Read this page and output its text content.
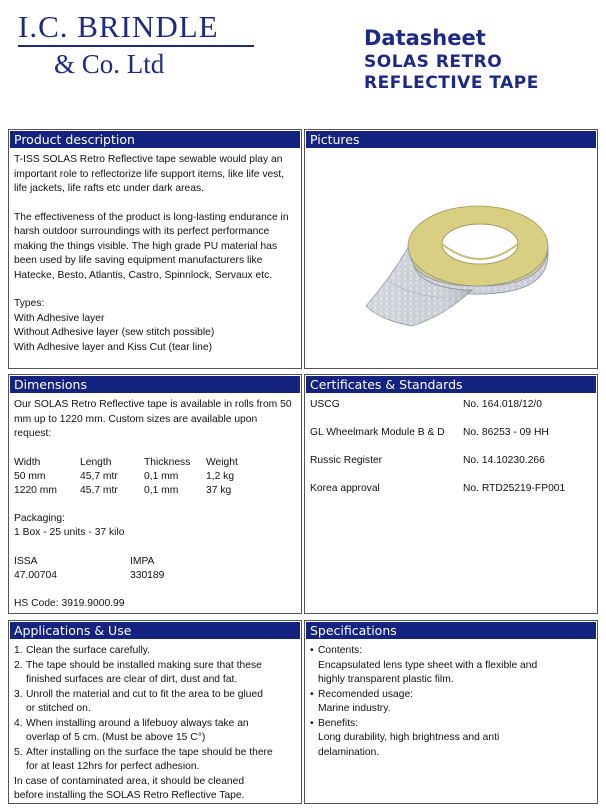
I.C. BRINDLE
& Co. Ltd
Datasheet
SOLAS RETRO
REFLECTIVE TAPE
Product description

T-ISS SOLAS Retro Reflective tape sewable would play an important role to reflectorize life support items, like life vest, life jackets, life rafts etc under dark areas.

The effectiveness of the product is long-lasting endurance in harsh outdoor surroundings with its perfect performance making the things visible. The high grade PU material has been used by life saving equipment manufacturers like Hatecke, Besto, Atlantis, Castro, Spinnlock, Servaux etc.

Types:

With Adhesive layer

Without Adhesive layer (sew stitch possible)

With Adhesive layer and Kiss Cut (tear line)

Pictures
Dimensions

Our SOLAS Retro Reflective tape is available in rolls from 50 mm up to 1220 mm. Custom sizes are available upon request:

Width	Length	Thickness	Weight
50 mm	45,7 mtr	0,1 mm	1,2 kg
1220 mm	45,7 mtr	0,1 mm	37 kg

Packaging:

1 Box - 25 units - 37 kilo

ISSA	IMPA
47.00704	330189

HS Code: 3919.9000.99

Certificates & Standards
USCG	No. 164.018/12/0
GL Wheelmark Module B & D	No. 86253 - 09 HH
Russic Register	No. 14.10230.266
Korea approval	No. RTD25219-FP001
Applications & Use
1. Clean the surface carefully.
2. The tape should be installed making sure that these
finished surfaces are clear of dirt, dust and fat.
3. Unroll the material and cut to fit the area to be glued
or stitched on.
4. When installing around a lifebuoy always take an
overlap of 5 cm. (Must be above 15 C°)
5. After installing on the surface the tape should be there
for at least 12hrs for perfect adhesion.

In case of contaminated area, it should be cleaned

before installing the SOLAS Retro Reflective Tape.

Specifications
• Contents:
Encapsulated lens type sheet with a flexible and
highly transparent plastic film.
• Recomended usage:
Marine industry.
• Benefits:
Long durability, high brightness and anti
delamination.
